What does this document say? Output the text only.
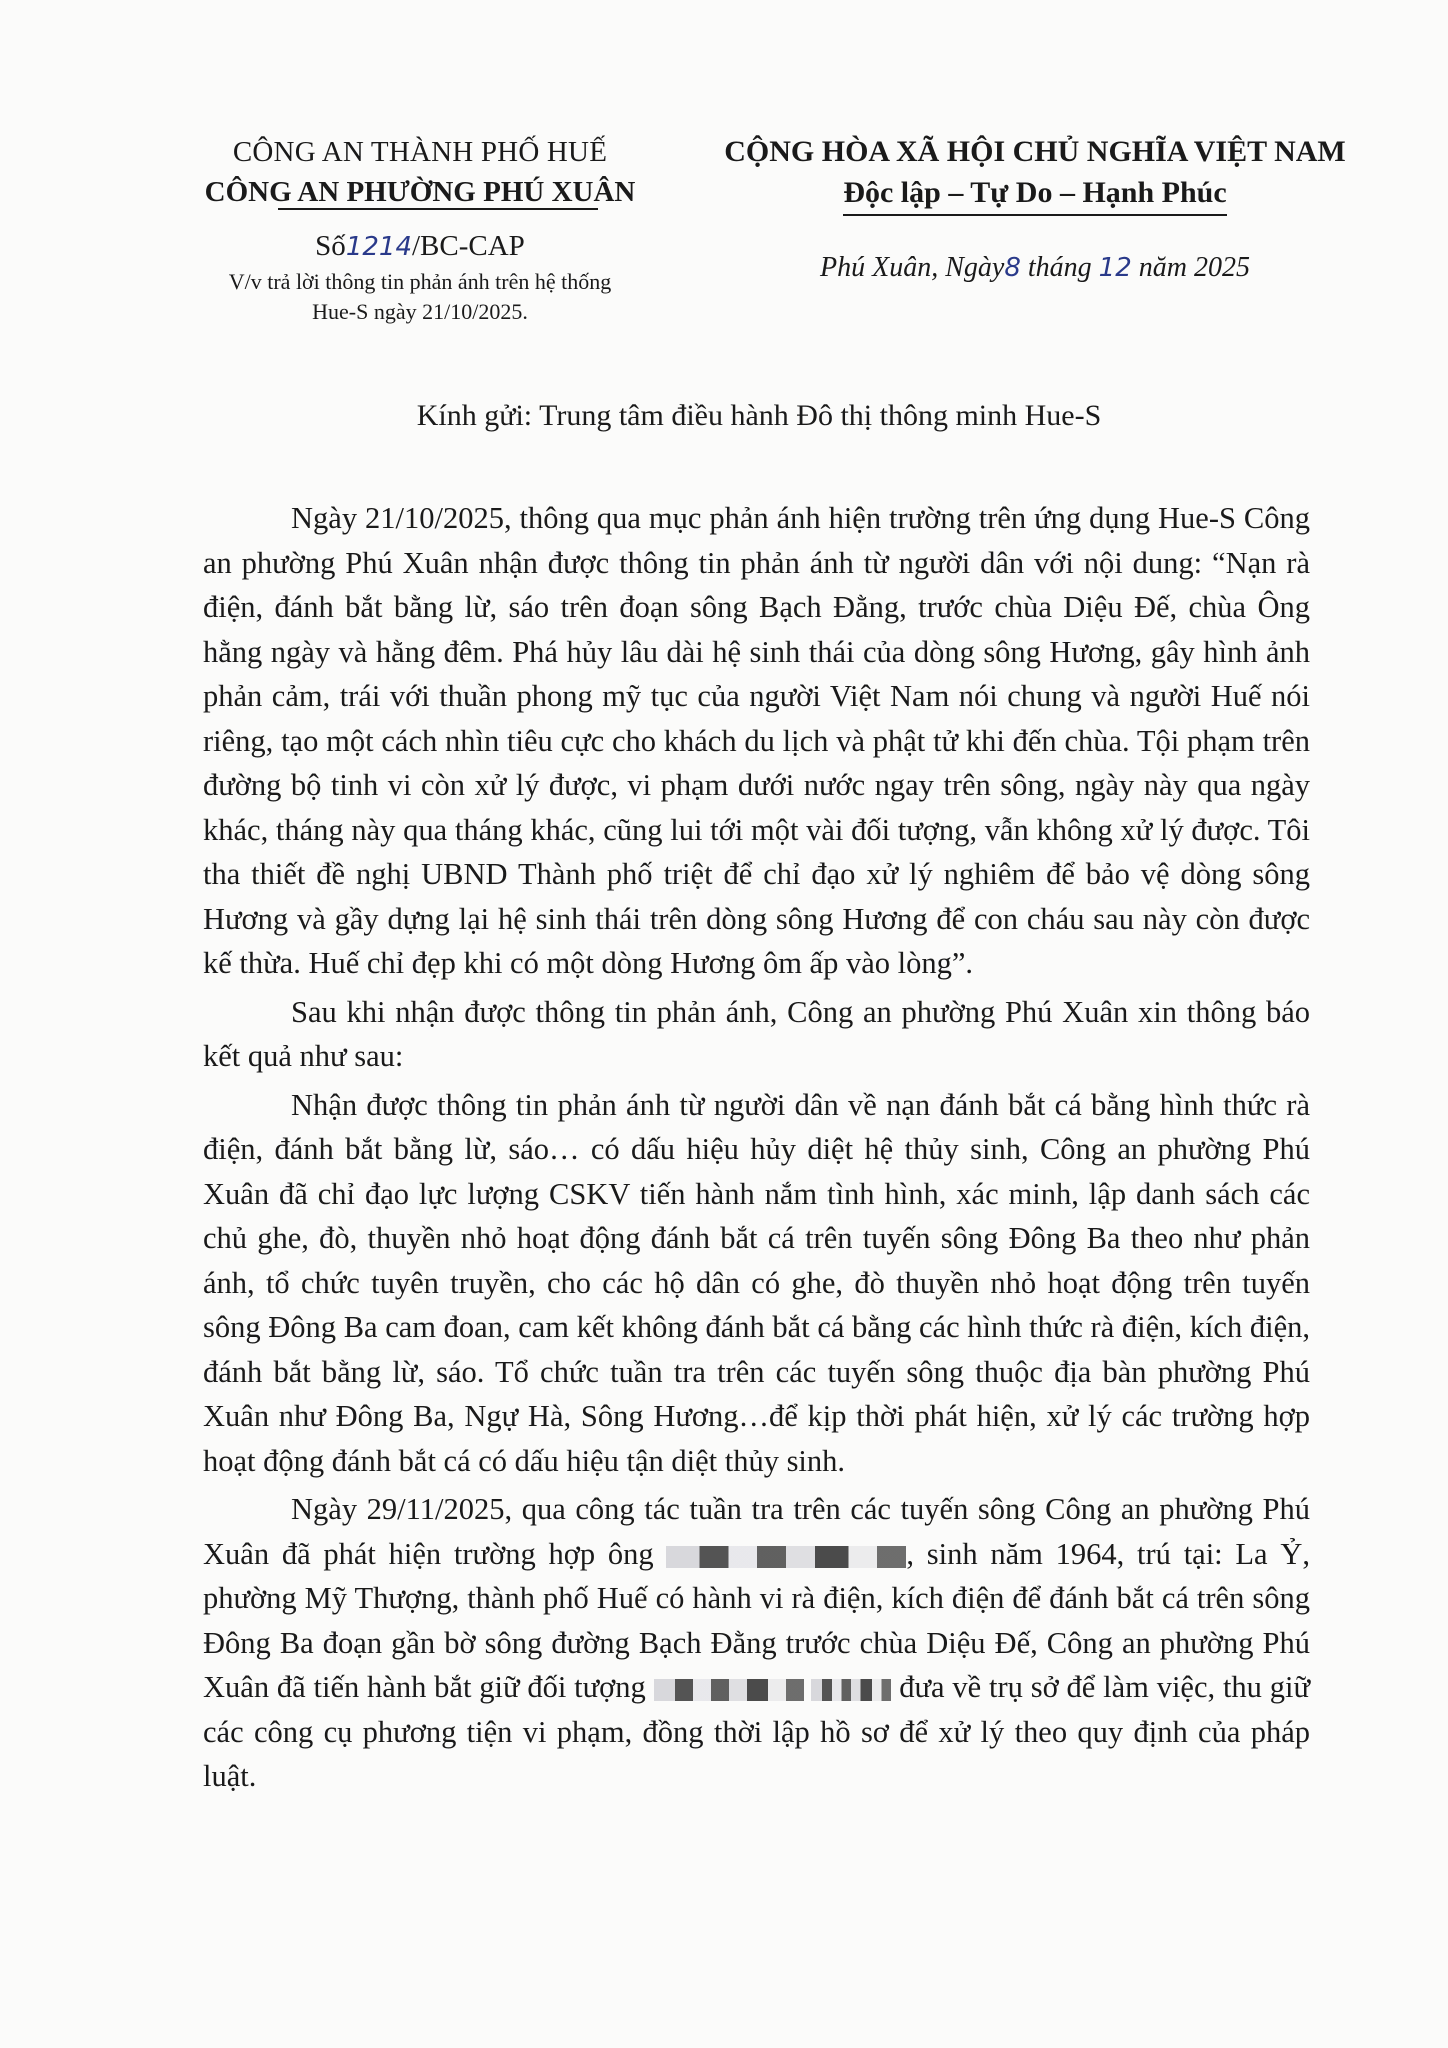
CÔNG AN THÀNH PHỐ HUẾ
CÔNG AN PHƯỜNG PHÚ XUÂN
Số1214/BC-CAP
V/v trả lời thông tin phản ánh trên hệ thống
Hue-S ngày 21/10/2025.
CỘNG HÒA XÃ HỘI CHỦ NGHĨA VIỆT NAM
Độc lập – Tự Do – Hạnh Phúc
Phú Xuân, Ngày8 tháng 12 năm 2025
Kính gửi: Trung tâm điều hành Đô thị thông minh Hue-S

Ngày 21/10/2025, thông qua mục phản ánh hiện trường trên ứng dụng Hue-S Công an phường Phú Xuân nhận được thông tin phản ánh từ người dân với nội dung: “Nạn rà điện, đánh bắt bằng lừ, sáo trên đoạn sông Bạch Đằng, trước chùa Diệu Đế, chùa Ông hằng ngày và hằng đêm. Phá hủy lâu dài hệ sinh thái của dòng sông Hương, gây hình ảnh phản cảm, trái với thuần phong mỹ tục của người Việt Nam nói chung và người Huế nói riêng, tạo một cách nhìn tiêu cực cho khách du lịch và phật tử khi đến chùa. Tội phạm trên đường bộ tinh vi còn xử lý được, vi phạm dưới nước ngay trên sông, ngày này qua ngày khác, tháng này qua tháng khác, cũng lui tới một vài đối tượng, vẫn không xử lý được. Tôi tha thiết đề nghị UBND Thành phố triệt để chỉ đạo xử lý nghiêm để bảo vệ dòng sông Hương và gầy dựng lại hệ sinh thái trên dòng sông Hương để con cháu sau này còn được kế thừa. Huế chỉ đẹp khi có một dòng Hương ôm ấp vào lòng”.

Sau khi nhận được thông tin phản ánh, Công an phường Phú Xuân xin thông báo kết quả như sau:

Nhận được thông tin phản ánh từ người dân về nạn đánh bắt cá bằng hình thức rà điện, đánh bắt bằng lừ, sáo… có dấu hiệu hủy diệt hệ thủy sinh, Công an phường Phú Xuân đã chỉ đạo lực lượng CSKV tiến hành nắm tình hình, xác minh, lập danh sách các chủ ghe, đò, thuyền nhỏ hoạt động đánh bắt cá trên tuyến sông Đông Ba theo như phản ánh, tổ chức tuyên truyền, cho các hộ dân có ghe, đò thuyền nhỏ hoạt động trên tuyến sông Đông Ba cam đoan, cam kết không đánh bắt cá bằng các hình thức rà điện, kích điện, đánh bắt bằng lừ, sáo. Tổ chức tuần tra trên các tuyến sông thuộc địa bàn phường Phú Xuân như Đông Ba, Ngự Hà, Sông Hương…để kịp thời phát hiện, xử lý các trường hợp hoạt động đánh bắt cá có dấu hiệu tận diệt thủy sinh.

Ngày 29/11/2025, qua công tác tuần tra trên các tuyến sông Công an phường Phú Xuân đã phát hiện trường hợp ông	, sinh năm 1964, trú tại: La Ỷ, phường Mỹ Thượng, thành phố Huế có hành vi rà điện, kích điện để đánh bắt cá trên sông Đông Ba đoạn gần bờ sông đường Bạch Đằng trước chùa Diệu Đế, Công an phường Phú Xuân đã tiến hành bắt giữ đối tượng	đưa về trụ sở để làm việc, thu giữ các công cụ phương tiện vi phạm, đồng thời lập hồ sơ để xử lý theo quy định của pháp luật.
